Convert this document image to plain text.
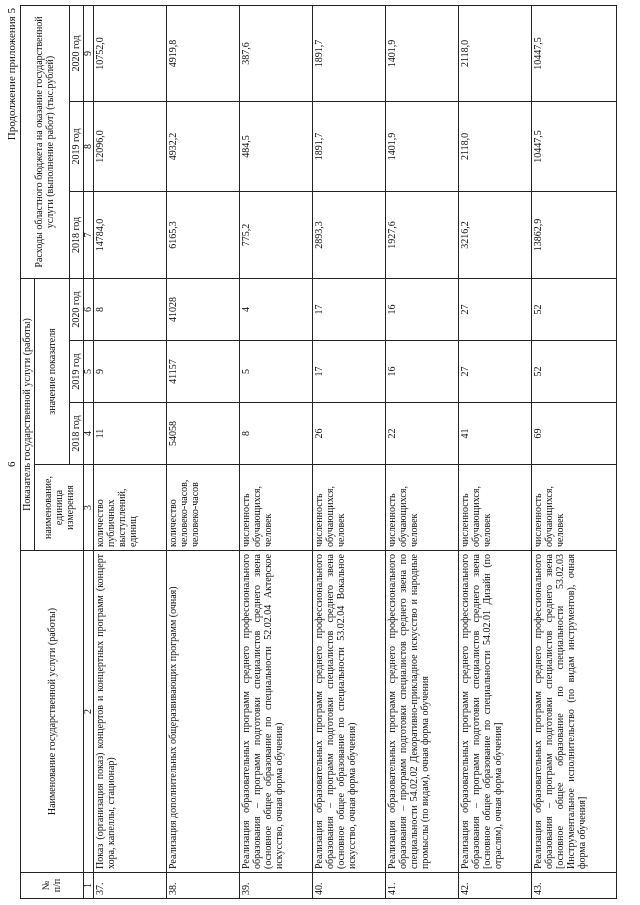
6
Продолжение приложения 5
№ п/п	Наименование государственной услуги (работы)	Показатель государственной услуги (работы)				Расходы областного бюджета на оказание государственной услуги (выполнение работ) (тыс.рублей)		
		наименование, единица измерения	значение показателя					
			2018 год	2019 год	2020 год	2018 год	2019 год	2020 год
1	2	3	4	5	6	7	8	9
37.	Показ (организация показ) концертов и концертных программ (концерт хора, капеллы, стационар)	количество публичных выступлений, единиц	11	9	8	14784,0	12096,0	10752,0
38.	Реализация дополнительных общеразвивающих программ (очная)	количество человеко-часов, человеко-часов	54058	41157	41028	6165,3	4932,2	4919,8
39.	Реализация образовательных программ среднего профессионального образования – программ подготовки специалистов среднего звена (основное общее образование по специальности 52.02.04 Актерское искусство, очная форма обучения)	численность обучающихся, человек	8	5	4	775,2	484,5	387,6
40.	Реализация образовательных программ среднего профессионального образования – программ подготовки специалистов среднего звена (основное общее образование по специальности 53.02.04 Вокальное искусство, очная форма обучения)	численность обучающихся, человек	26	17	17	2893,3	1891,7	1891,7
41.	Реализация образовательных программ среднего профессионального образования – программ подготовки специалистов среднего звена по специальности 54.02.02 Декоративно-прикладное искусство и народные промыслы (по видам), очная форма обучения	численность обучающихся, человек	22	16	16	1927,6	1401,9	1401,9
42.	Реализация образовательных программ среднего профессионального образования – программ подготовки специалистов среднего звена [основное общее образование по специальности 54.02.01 Дизайн (по отраслям), очная форма обучения]	численность обучающихся, человек	41	27	27	3216,2	2118,0	2118,0
43.	Реализация образовательных программ среднего профессионального образования – программ подготовки специалистов среднего звена [основное общее образование по специальности 53.02.03 Инструментальное исполнительство (по видам инструментов), очная форма обучения]	численность обучающихся, человек	69	52	52	13862,9	10447,5	10447,5
